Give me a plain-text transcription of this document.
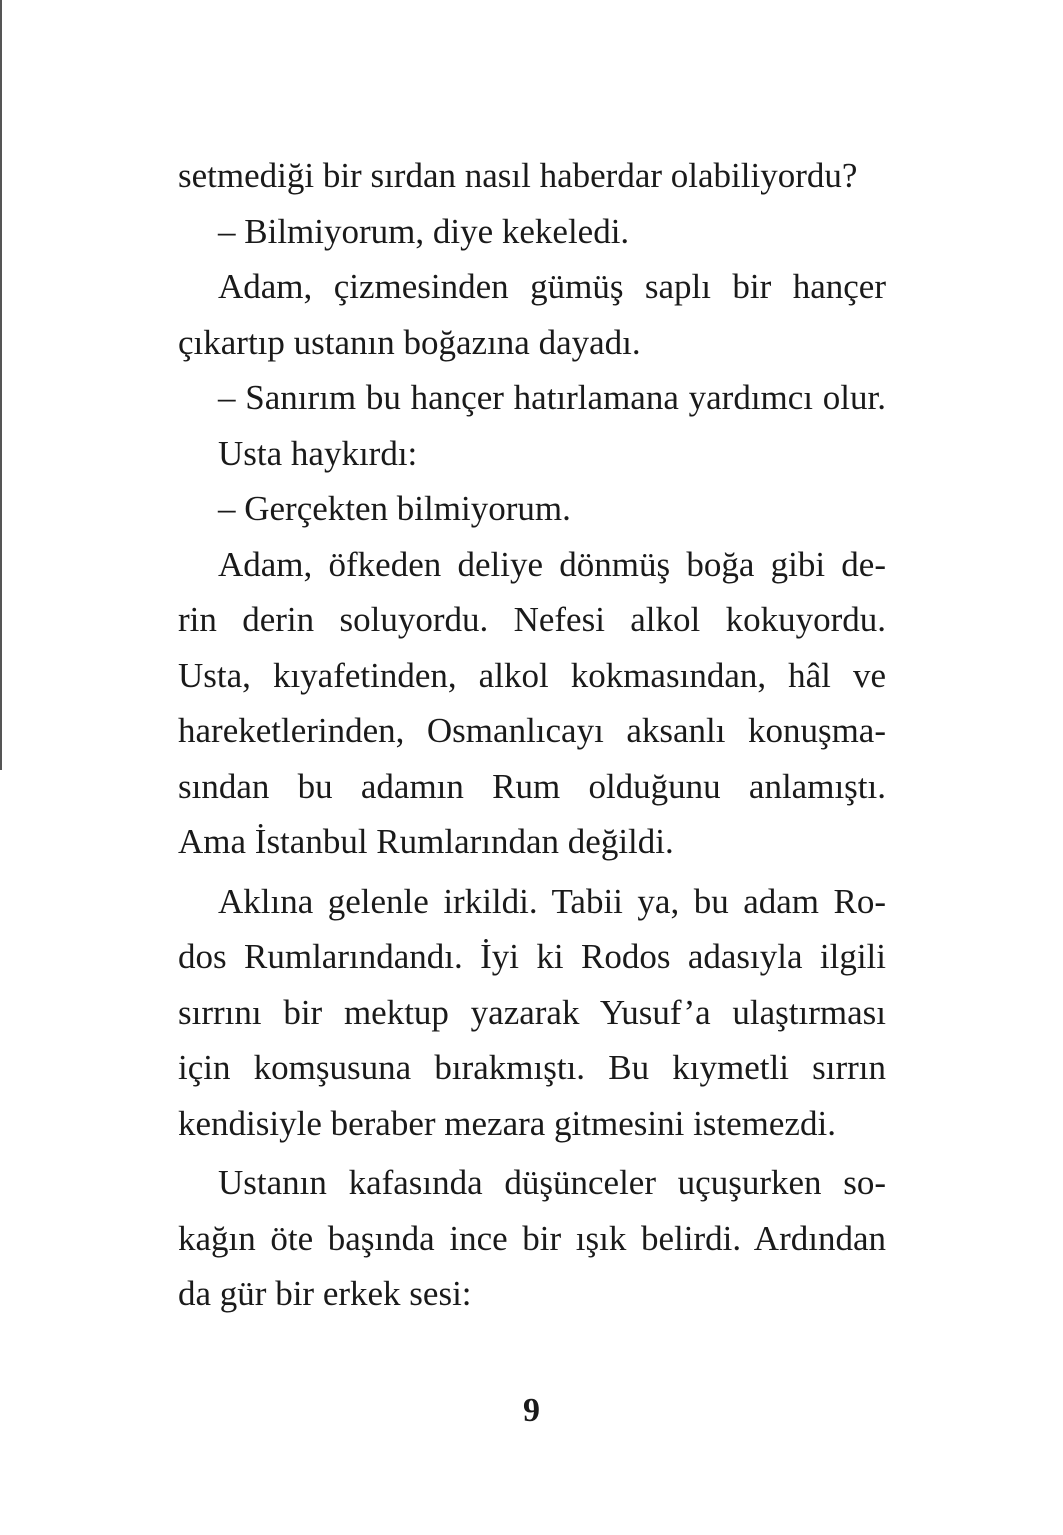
setmediği bir sırdan nasıl haberdar olabiliyordu?
– Bilmiyorum, diye kekeledi.
Adam, çizmesinden gümüş saplı bir hançer
çıkartıp ustanın boğazına dayadı.
– Sanırım bu hançer hatırlamana yardımcı olur.
Usta haykırdı:
– Gerçekten bilmiyorum.
Adam, öfkeden deliye dönmüş boğa gibi de-
rin derin soluyordu. Nefesi alkol kokuyordu.
Usta, kıyafetinden, alkol kokmasından, hâl ve
hareketlerinden, Osmanlıcayı aksanlı konuşma-
sından bu adamın Rum olduğunu anlamıştı.
Ama İstanbul Rumlarından değildi.
Aklına gelenle irkildi. Tabii ya, bu adam Ro-
dos Rumlarındandı. İyi ki Rodos adasıyla ilgili
sırrını bir mektup yazarak Yusuf’a ulaştırması
için komşusuna bırakmıştı. Bu kıymetli sırrın
kendisiyle beraber mezara gitmesini istemezdi.
Ustanın kafasında düşünceler uçuşurken so-
kağın öte başında ince bir ışık belirdi. Ardından
da gür bir erkek sesi:
9
